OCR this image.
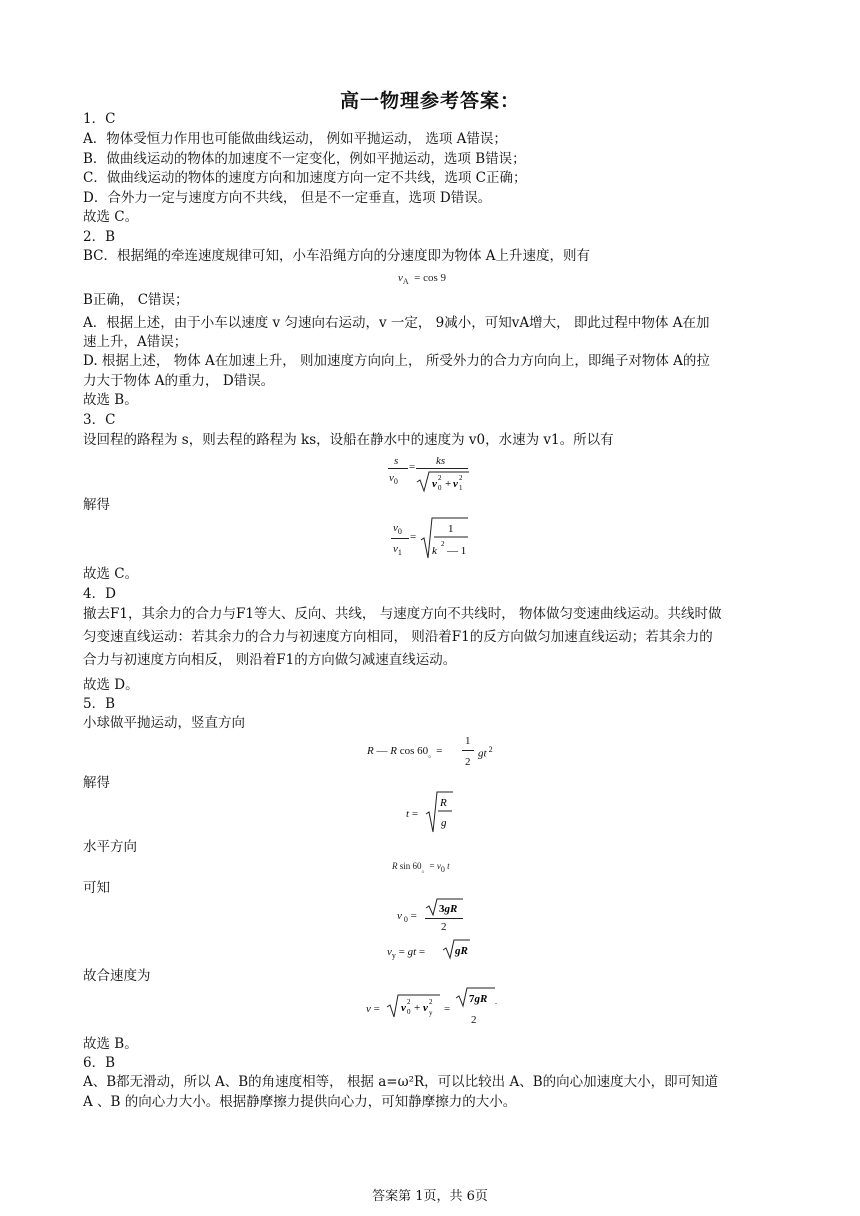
高一物理参考答案：
1．C
A．物体受恒力作用也可能做曲线运动， 例如平抛运动， 选项 A错误；
B．做曲线运动的物体的加速度不一定变化，例如平抛运动，选项 B错误；
C．做曲线运动的物体的速度方向和加速度方向一定不共线，选项 C正确；
D．合外力一定与速度方向不共线， 但是不一定垂直，选项 D错误。
故选 C。
2．B
BC．根据绳的牵连速度规律可知，小车沿绳方向的分速度即为物体 A上升速度，则有
$v_A = \cos 9$
B正确， C错误；
A．根据上述，由于小车以速度 v 匀速向右运动，v 一定， 9减小，可知vA增大， 即此过程中物体 A在加
速上升，A错误；
D. 根据上述， 物体 A在加速上升， 则加速度方向向上， 所受外力的合力方向向上，即绳子对物体 A的拉
力大于物体 A的重力， D错误。
故选 B。
3．C
设回程的路程为 s，则去程的路程为 ks，设船在静水中的速度为 v0，水速为 v1。所以有
s
$v_0$
= ks
v 0
2 + v 1
2
解得
$v_0$
$v_1$
=
1
k
2
— 1
故选 C。
4．D
撤去F1，其余力的合力与F1等大、反向、共线， 与速度方向不共线时， 物体做匀变速曲线运动。共线时做
匀变速直线运动：若其余力的合力与初速度方向相同， 则沿着F1的反方向做匀加速直线运动；若其余力的
合力与初速度方向相反， 则沿着F1的方向做匀减速直线运动。
故选 D。
5．B
小球做平抛运动，竖直方向
R — R $\cos 60_。=$
1
2
gt $^2$
解得
t =
R
g
水平方向
R $\sin 60_。= v_0$ t
可知
v $_0$ =
3gR
2
$v_y$ = gt =	gR
故合速度为
v = v 0
2 + v y
2
=
7gR .
2
故选 B。
6．B
A、B都无滑动，所以 A、B的角速度相等， 根据 a=ω²R，可以比较出 A、B的向心加速度大小，即可知道
A 、B 的向心力大小。根据静摩擦力提供向心力，可知静摩擦力的大小。
答案第 1页，共 6页
